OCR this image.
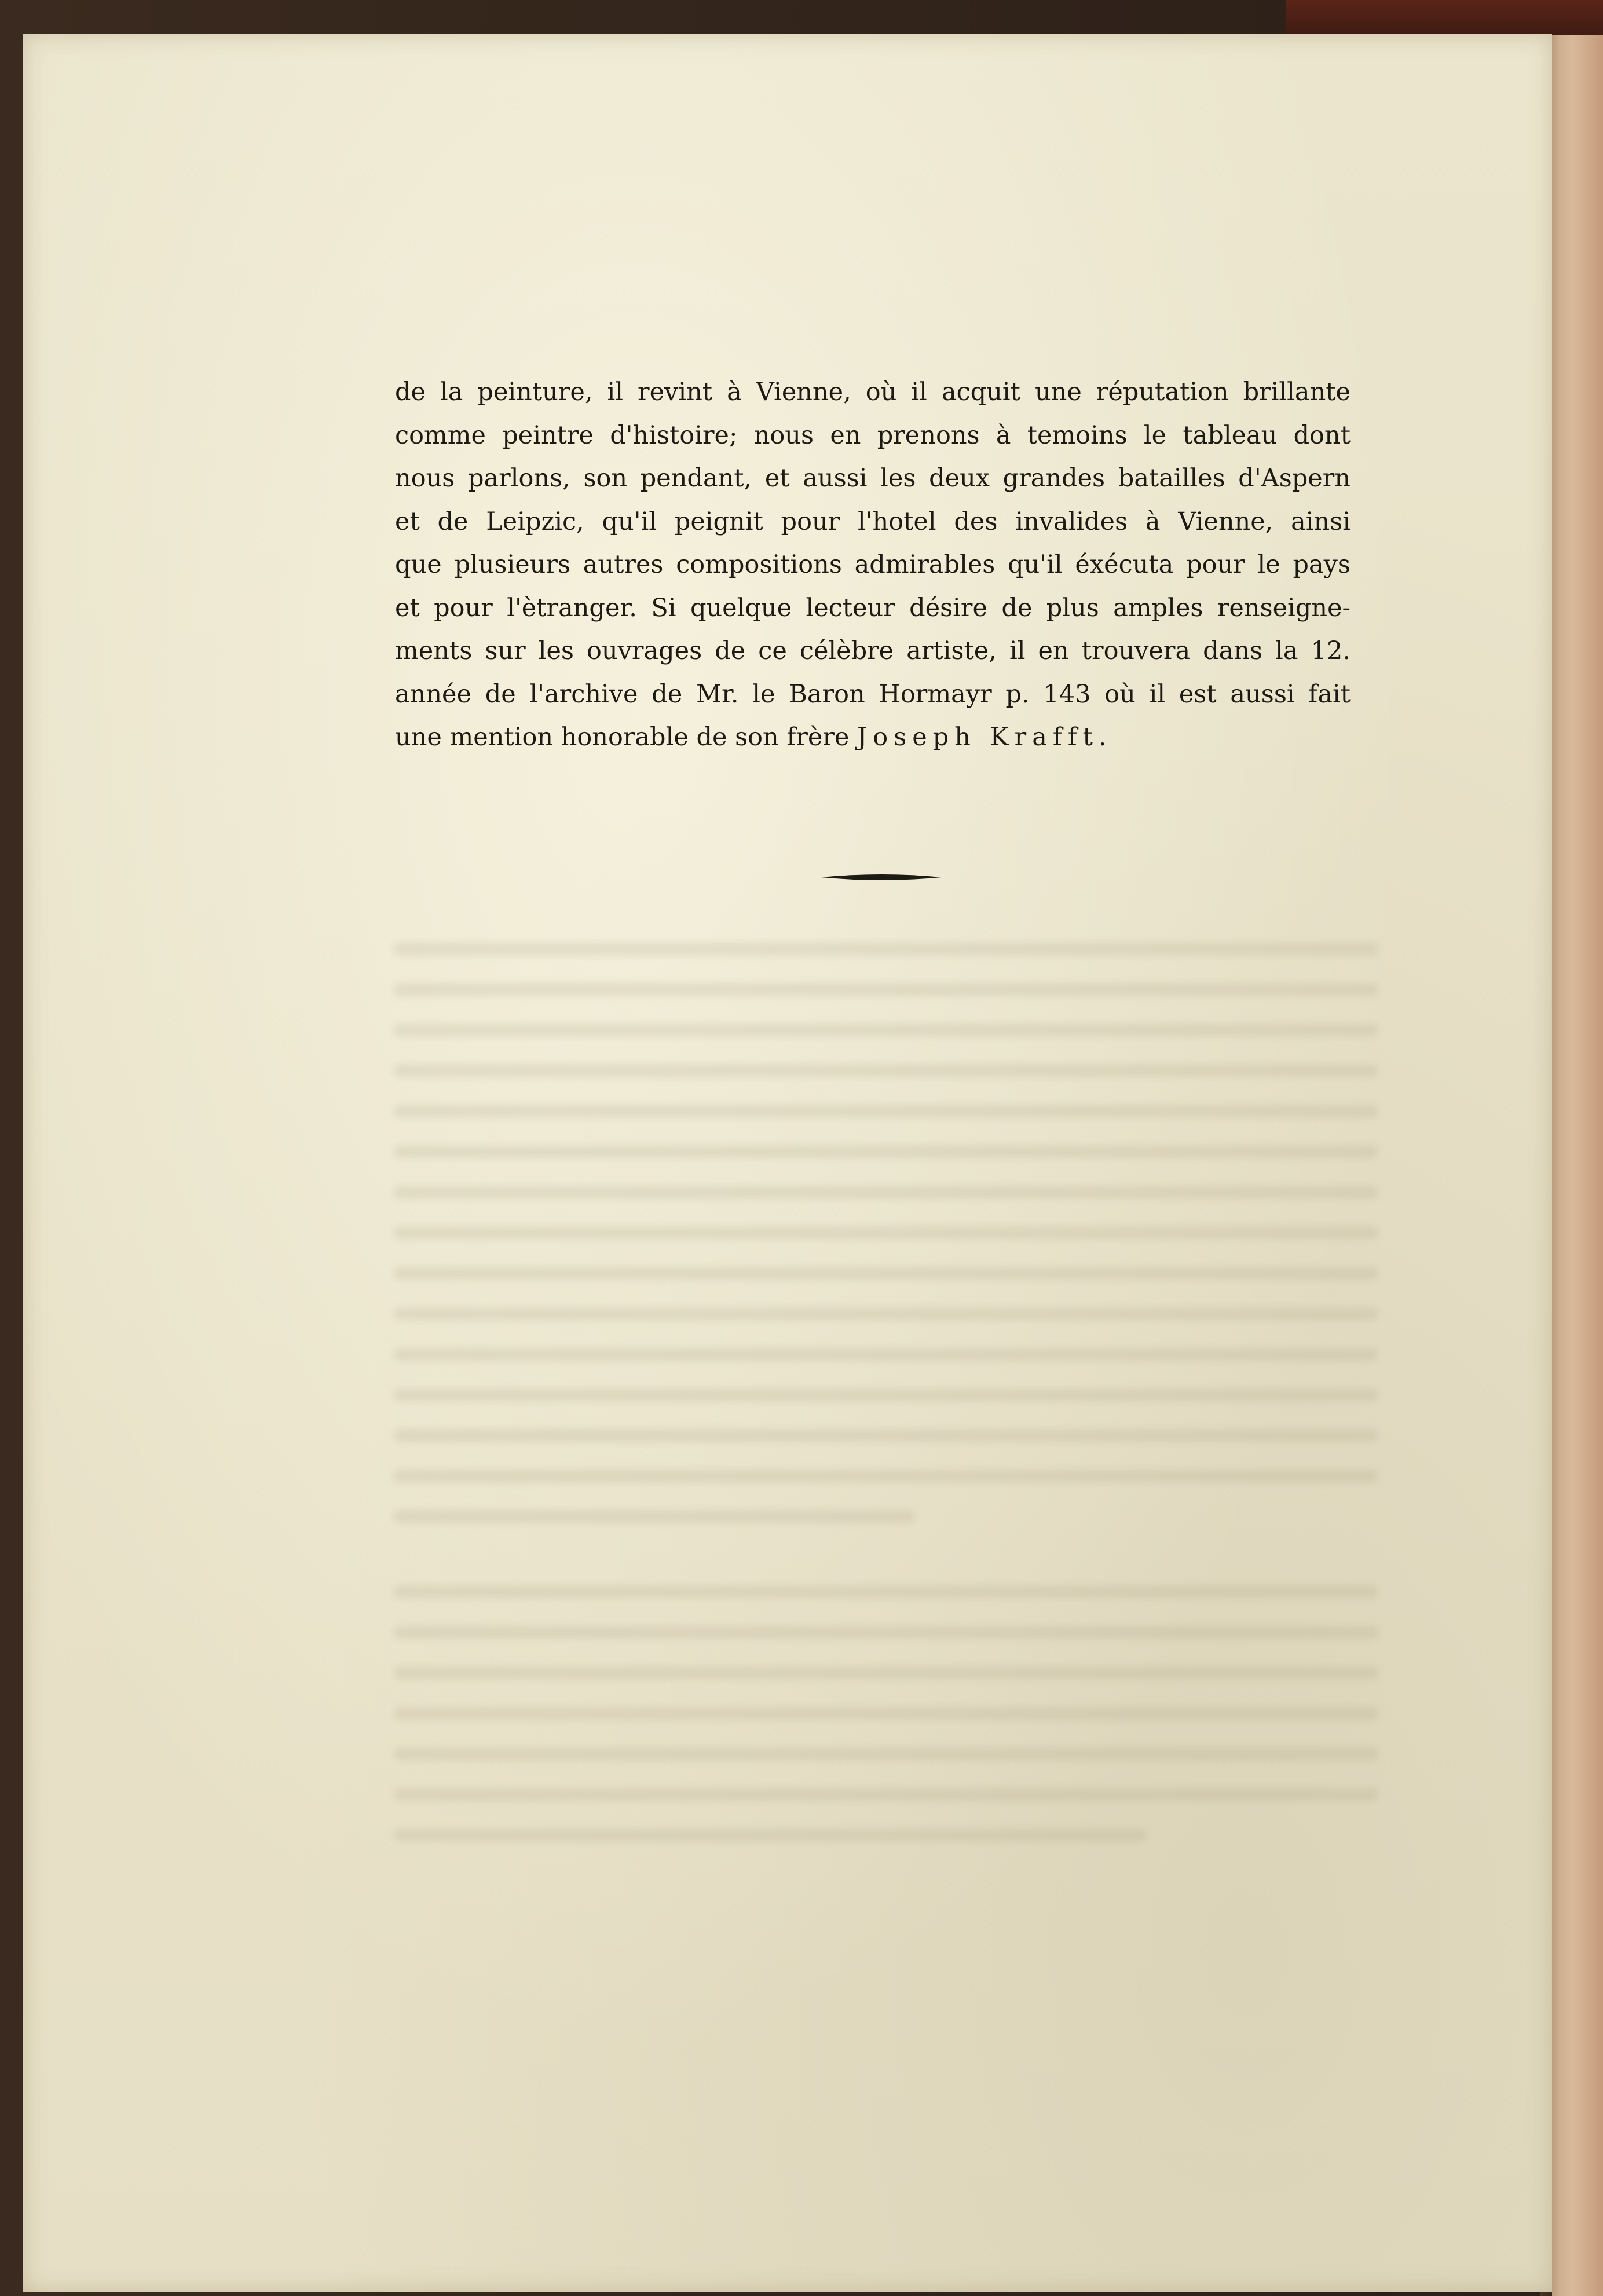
de la peinture, il revint à Vienne, où il acquit une réputation brillante
comme peintre d'histoire; nous en prenons à temoins le tableau dont
nous parlons, son pendant, et aussi les deux grandes batailles d'Aspern
et de Leipzic, qu'il peignit pour l'hotel des invalides à Vienne, ainsi
que plusieurs autres compositions admirables qu'il éxécuta pour le pays
et pour l'ètranger. Si quelque lecteur désire de plus amples renseigne-
ments sur les ouvrages de ce célèbre artiste, il en trouvera dans la 12.
année de l'archive de Mr. le Baron Hormayr p. 143 où il est aussi fait
une mention honorable de son frère Joseph Krafft.
